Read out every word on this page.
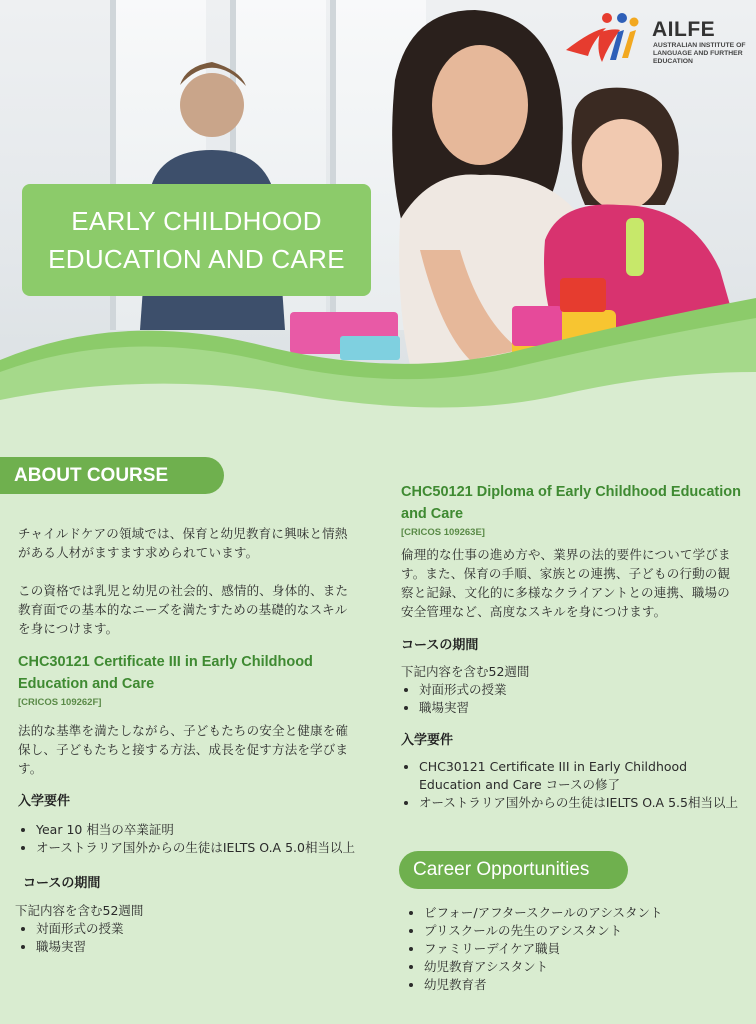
AILFE
AUSTRALIAN INSTITUTE OF LANGUAGE AND FURTHER EDUCATION
EARLY CHILDHOOD
EDUCATION AND CARE
ABOUT COURSE

チャイルドケアの領域では、保育と幼児教育に興味と情熱がある人材がますます求められています。

この資格では乳児と幼児の社会的、感情的、身体的、また教育面での基本的なニーズを満たすための基礎的なスキルを身につけます。

CHC30121 Certificate III in Early Childhood Education and Care

[CRICOS 109262F]

法的な基準を満たしながら、子どもたちの安全と健康を確保し、子どもたちと接する方法、成長を促す方法を学びます。

入学要件

• Year 10 相当の卒業証明
• オーストラリア国外からの生徒はIELTS O.A 5.0相当以上

コースの期間

下記内容を含む52週間

• 対面形式の授業
• 職場実習

CHC50121 Diploma of Early Childhood Education and Care

[CRICOS 109263E]

倫理的な仕事の進め方や、業界の法的要件について学びます。また、保育の手順、家族との連携、子どもの行動の観察と記録、文化的に多様なクライアントとの連携、職場の安全管理など、高度なスキルを身につけます。

コースの期間

下記内容を含む52週間

• 対面形式の授業
• 職場実習

入学要件

• CHC30121 Certificate III in Early Childhood Education and Care コースの修了
• オーストラリア国外からの生徒はIELTS O.A 5.5相当以上
Career Opportunities
• ビフォー/アフタースクールのアシスタント
• プリスクールの先生のアシスタント
• ファミリーデイケア職員
• 幼児教育アシスタント
• 幼児教育者
